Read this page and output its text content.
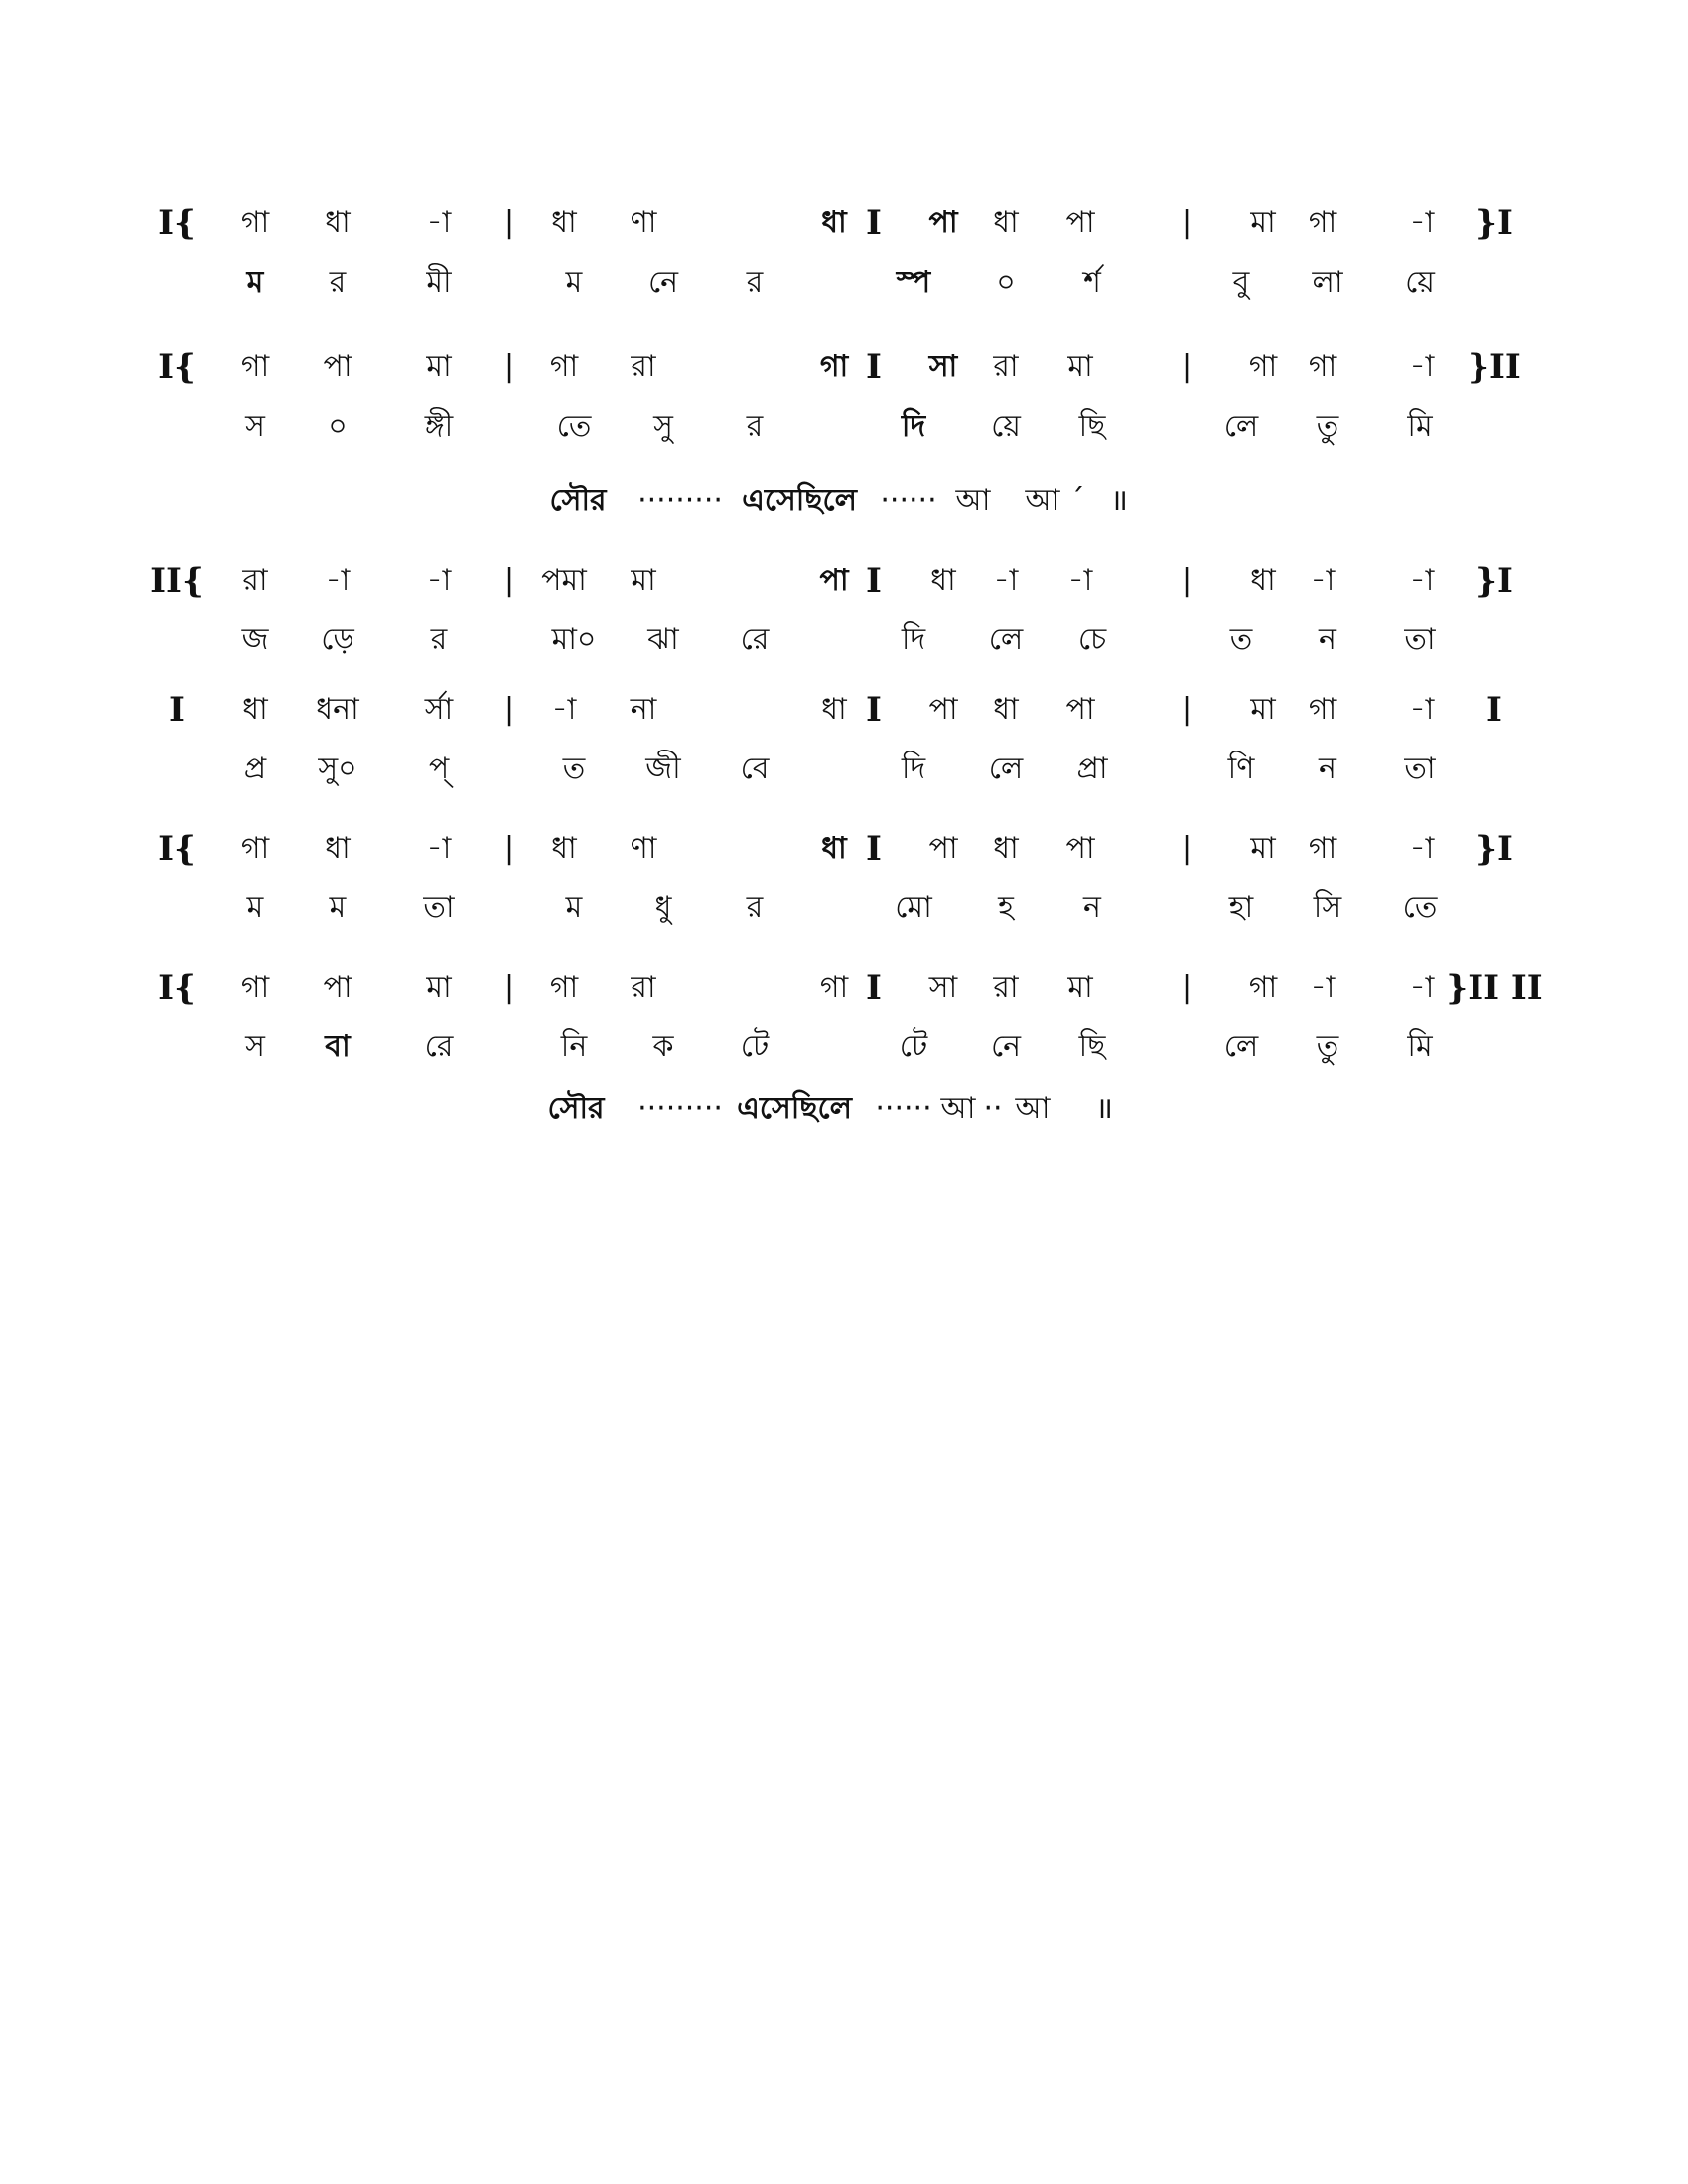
I{ গা ধা	-া | ধা ণা	ধা I পা ধা পা	| মা গা -া }I
ম র	মী	ম নে র	স্প ০ র্শ	বু লা য়ে
I{ গা পা মা | গা রা	গা I সা রা মা	| গা গা -া }II
স ০	ঙ্গী	তে সু র	দি য়ে ছি	লে তু মি
II{ রা -া	-া | পমা মা	পা I ধা -া -া	| ধা -া	-া }I
জ ড়ে	র	মা০ ঝা রে	দি লে চে	ত ন তা
I ধা ধনা র্সা | -া না	ধা I পা ধা পা	| মা গা -া I
প্র সু০ প্	ত জী বে	দি লে প্রা	ণি ন তা
I{ গা ধা	-া | ধা ণা	ধা I পা ধা পা	| মা গা -া }I
ম ম	তা	ম ধু	র	মো হ ন	হা সি তে
I{ গা পা মা | গা রা	গা I সা রা মা	| গা -া	-া }II II
স বা রে	নি ক টে	টে নে ছি	লে তু মি
সৌর ········· এসেছিলে ······ আ আ ´ ॥
সৌর ········· এসেছিলে ······ আ ·· আ ॥
